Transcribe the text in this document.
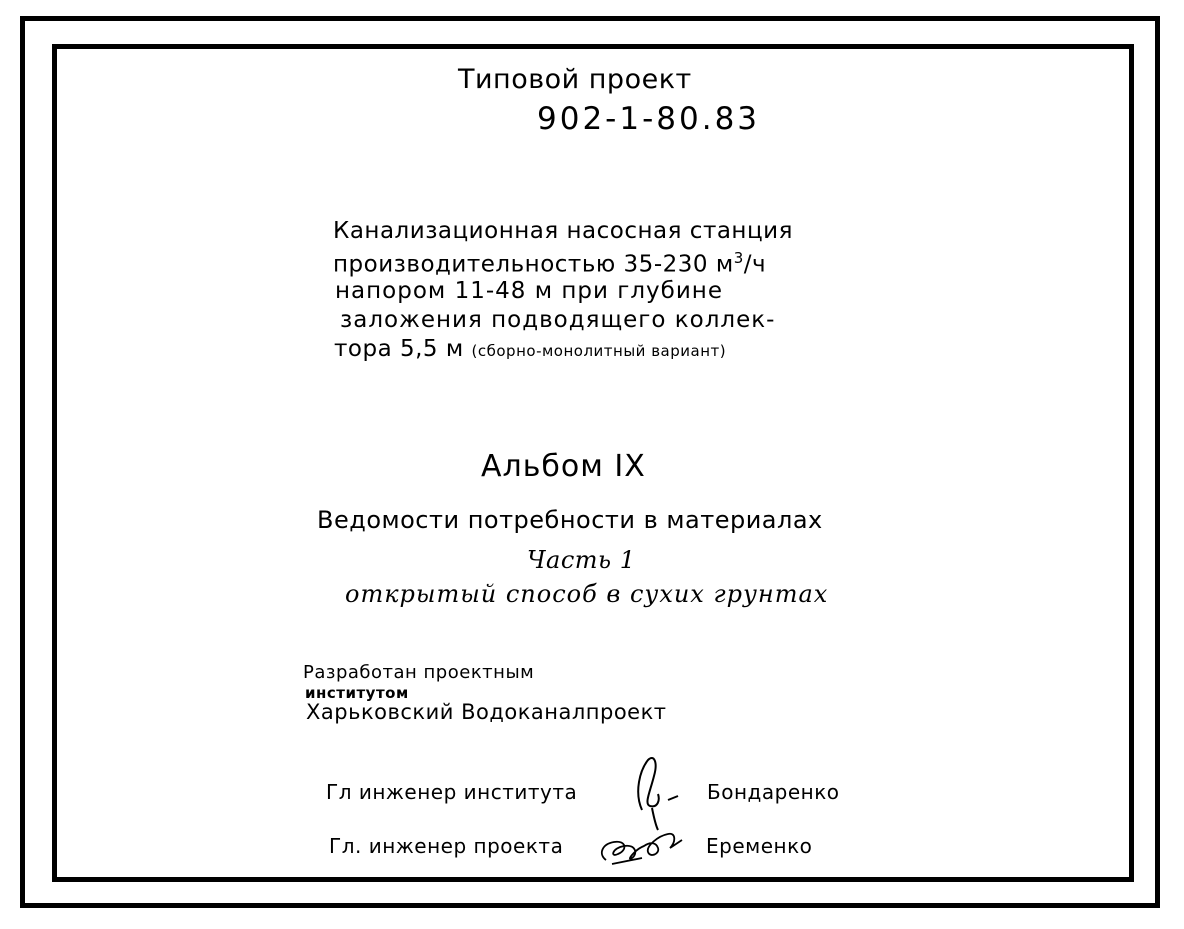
Типовой проект
902-1-80.83
Канализационная насосная станция
производительностью 35-230 $м^3/ч$
напором 11-48 м при глубине
заложения подводящего коллек-
тора 5,5 м (сборно-монолитный вариант)
Альбом IX
Ведомости потребности в материалах
Часть 1
открытый способ в сухих грунтах
Разработан проектным
институтом
Харьковский Водоканалпроект
Гл инженер института	Бондаренко
Гл. инженер проекта	Еременко
